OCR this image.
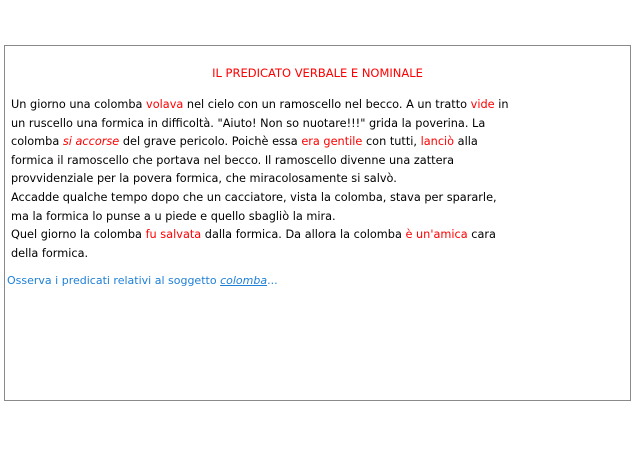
IL PREDICATO VERBALE E NOMINALE
Un giorno una colomba volava nel cielo con un ramoscello nel becco. A un tratto vide in
un ruscello una formica in difficoltà. "Aiuto! Non so nuotare!!!" grida la poverina. La
colomba si accorse del grave pericolo. Poichè essa era gentile con tutti, lanciò alla
formica il ramoscello che portava nel becco. Il ramoscello divenne una zattera
provvidenziale per la povera formica, che miracolosamente si salvò.
Accadde qualche tempo dopo che un cacciatore, vista la colomba, stava per spararle,
ma la formica lo punse a u piede e quello sbagliò la mira.
Quel giorno la colomba fu salvata dalla formica. Da allora la colomba è un'amica cara
della formica.
Osserva i predicati relativi al soggetto colomba...
